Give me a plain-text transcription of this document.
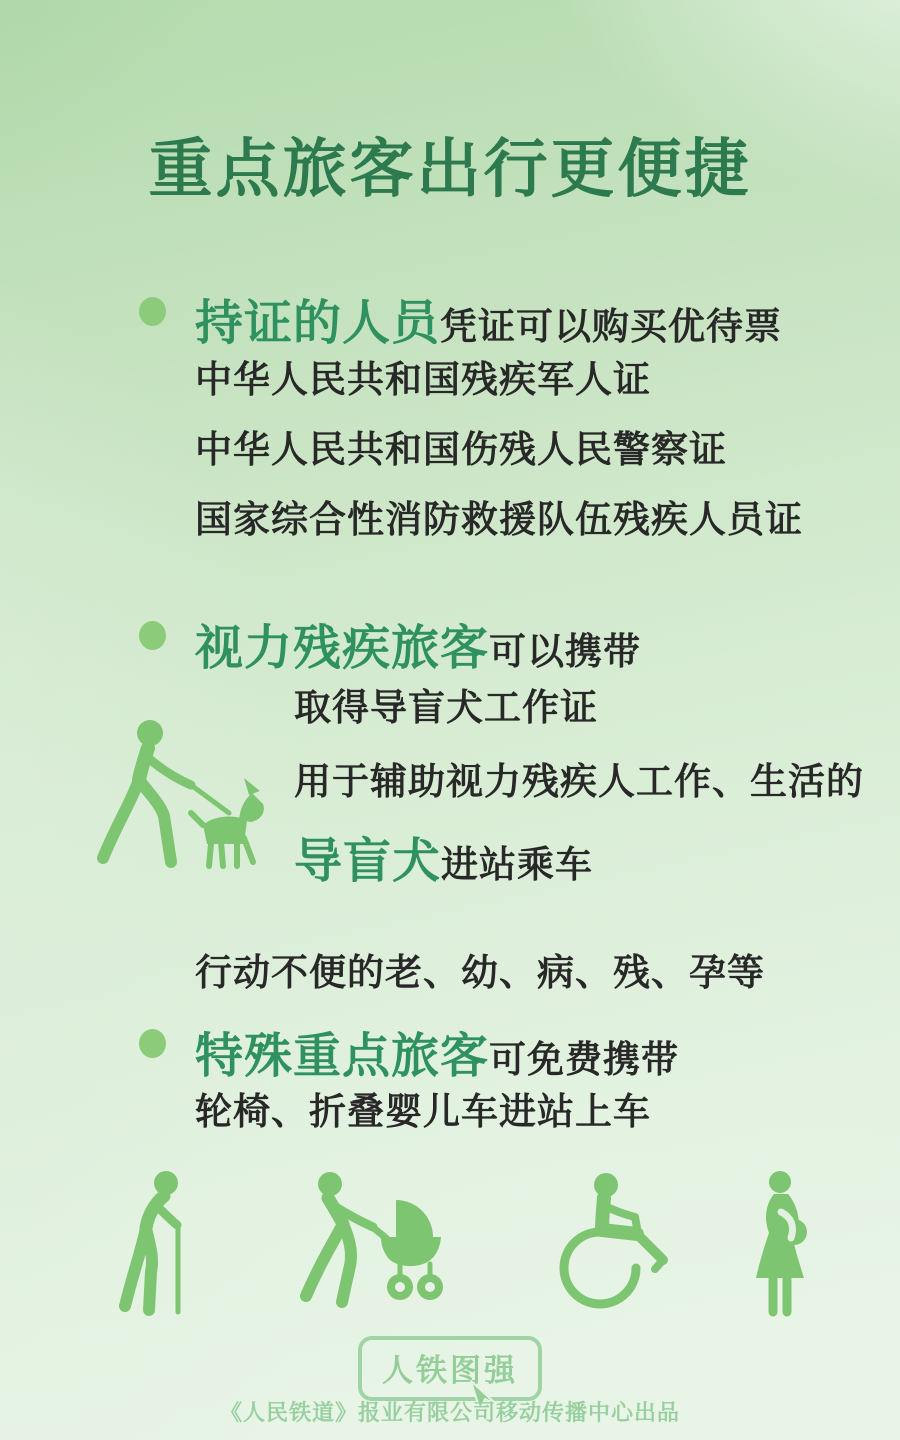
重点旅客出行更便捷
持证的人员 凭证可以购买优待票
中华人民共和国残疾军人证
中华人民共和国伤残人民警察证
国家综合性消防救援队伍残疾人员证
视力残疾旅客 可以携带
取得导盲犬工作证
用于辅助视力残疾人工作、生活的
导盲犬 进站乘车
行动不便的老、幼、病、残、孕等
特殊重点旅客 可免费携带
轮椅、折叠婴儿车进站上车
人铁图强
《人民铁道》报业有限公司移动传播中心出品
